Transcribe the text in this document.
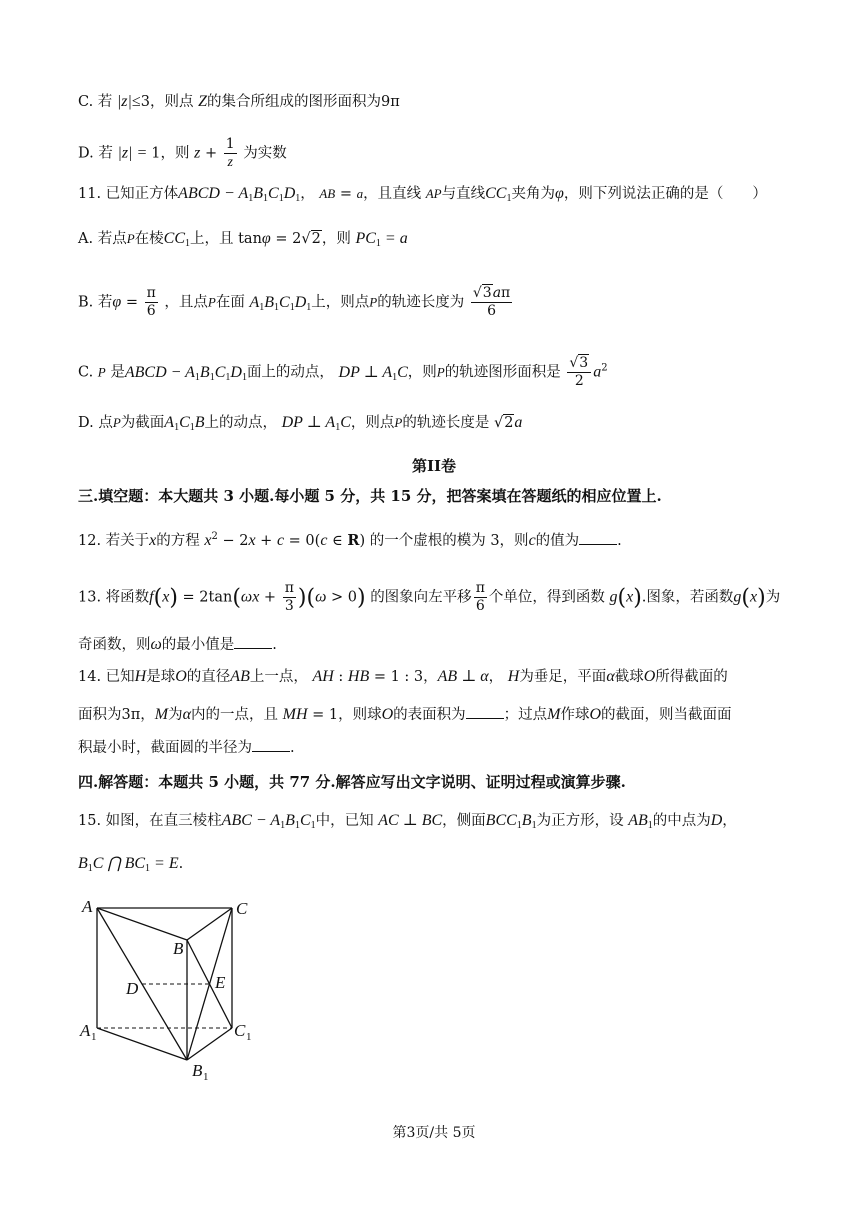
C. 若 |z|≤3，则点 Z的集合所组成的图形面积为9π
D. 若 |z| = 1，则 $z + \frac{1}{z}$ 为实数
11. 已知正方体ABCD − $A_1B_1C_1D_1$， AB = a，且直线 AP与直线$CC_1$夹角为φ，则下列说法正确的是（　　）
A. 若点P在棱$CC_1$上，且 tanφ = 2√2，则 $PC_1 = a$
B. 若$\varphi = \frac{\pi}{6}$ ，且点P在面 $A_1B_1C_1D_1$上，则点P的轨迹长度为 $\frac{√3a\pi}{6}$
C. P 是ABCD − $A_1B_1C_1D_1$面上的动点， DP ⊥ $A_1C$，则P的轨迹图形面积是 $\frac{√3}{2} a^2$
D. 点P为截面$A_1C_1B$上的动点， DP ⊥ $A_1C$，则点P的轨迹长度是 √2a
第II卷
三.填空题：本大题共 3 小题.每小题 5 分，共 15 分，把答案填在答题纸的相应位置上.
12. 若关于x的方程 $x^2 - 2x + c = 0(c$ ∈ R) 的一个虚根的模为 3，则c的值为	.
13. 将函数$f(x) = 2\tan(\omega x + \frac{\pi}{3} )(\omega > 0)$ 的图象向左平移 $\frac{\pi}{6}$ 个单位，得到函数 g(x).图象，若函数g(x)为
奇函数，则ω的最小值是	.
14. 已知H是球O的直径AB上一点， AH : HB = 1 : 3，AB ⊥ α， H为垂足，平面α截球O所得截面的
面积为3π，M为α内的一点，且 MH = 1，则球O的表面积为	；过点M作球O的截面，则当截面面
积最小时，截面圆的半径为	.
四.解答题：本题共 5 小题，共 77 分.解答应写出文字说明、证明过程或演算步骤.
15. 如图，在直三棱柱ABC − $A_1B_1C_1$中，已知 AC ⊥ BC，侧面$BCC_1B_1$为正方形，设 $AB_1$的中点为D，
$B_1C$ ⋂ $BC_1 = E$.
A	C
B
D	E
A 1	C 1
B 1
第3页/共 5页
